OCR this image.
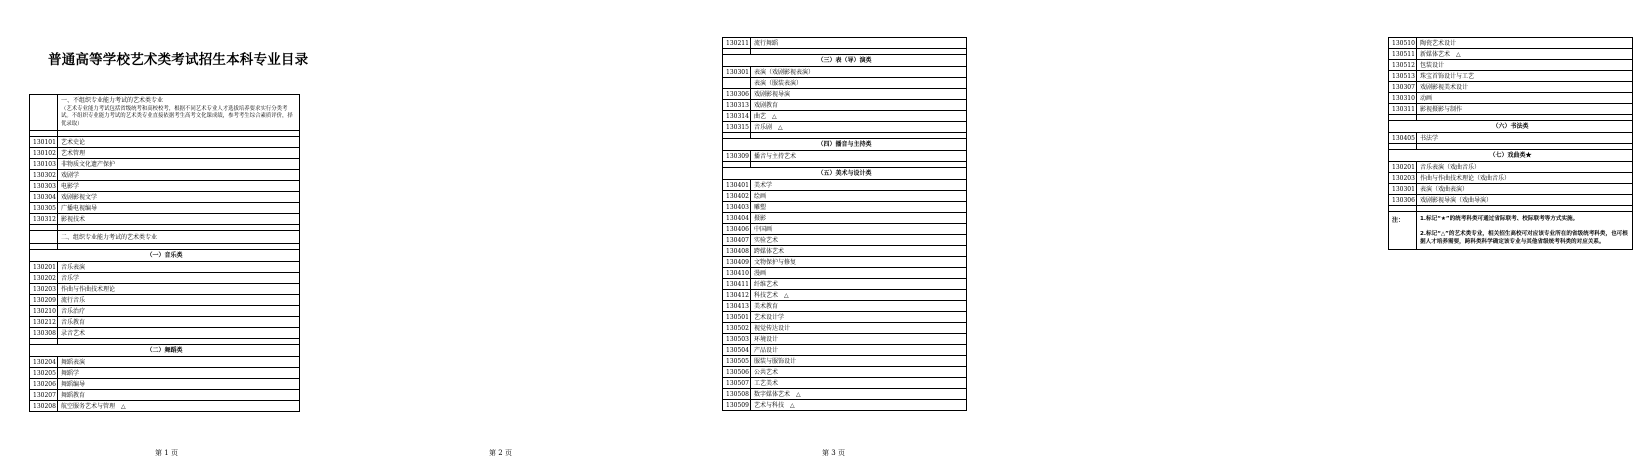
普通高等学校艺术类考试招生本科专业目录

	一、不组织专业能力考试的艺术类专业
（艺术专业能力考试包括省级统考和高校校考，根据不同艺术专业人才选拔培养要求实行分类考试。不组织专业能力考试的艺术类专业直接依据考生高考文化课成绩，参考考生综合素质评价，择优录取）

130101	艺术史论
130102	艺术管理
130103	非物质文化遗产保护
130302	戏剧学
130303	电影学
130304	戏剧影视文学
130305	广播电视编导
130312	影视技术

	二、组织专业能力考试的艺术类专业

（一）音乐类	
130201	音乐表演
130202	音乐学
130203	作曲与作曲技术理论
130209	流行音乐
130210	音乐治疗
130212	音乐教育
130308	录音艺术

（二）舞蹈类	
130204	舞蹈表演
130205	舞蹈学
130206	舞蹈编导
130207	舞蹈教育
130208	航空服务艺术与管理　△
第 1 页
130211	流行舞蹈

（三）表（导）演类	
130301	表演（戏剧影视表演）
	表演（服装表演）
130306	戏剧影视导演
130313	戏剧教育
130314	曲艺　△
130315	音乐剧　△

（四）播音与主持类	
130309	播音与主持艺术

（五）美术与设计类	
130401	美术学
130402	绘画
130403	雕塑
130404	摄影
130406	中国画
130407	实验艺术
130408	跨媒体艺术
130409	文物保护与修复
130410	漫画
130411	纤维艺术
130412	科技艺术　△
130413	美术教育
130501	艺术设计学
130502	视觉传达设计
130503	环境设计
130504	产品设计
130505	服装与服饰设计
130506	公共艺术
130507	工艺美术
130508	数字媒体艺术　△
130509	艺术与科技　△
第 2 页
130510	陶瓷艺术设计
130511	新媒体艺术　△
130512	包装设计
130513	珠宝首饰设计与工艺
130307	戏剧影视美术设计
130310	动画
130311	影视摄影与制作

（六）书法类	
130405	书法学

（七）戏曲类★	
130201	音乐表演（戏曲音乐）
130203	作曲与作曲技术理论（戏曲音乐）
130301	表演（戏曲表演）
130306	戏剧影视导演（戏曲导演）

注：	1.标记“★”的统考科类可通过省际联考、校际联考等方式实施。
2.标记“△”的艺术类专业，相关招生高校可对应该专业所在的省级统考科类，也可根据人才培养需要，跨科类科学确定该专业与其他省级统考科类的对应关系。
第 3 页
